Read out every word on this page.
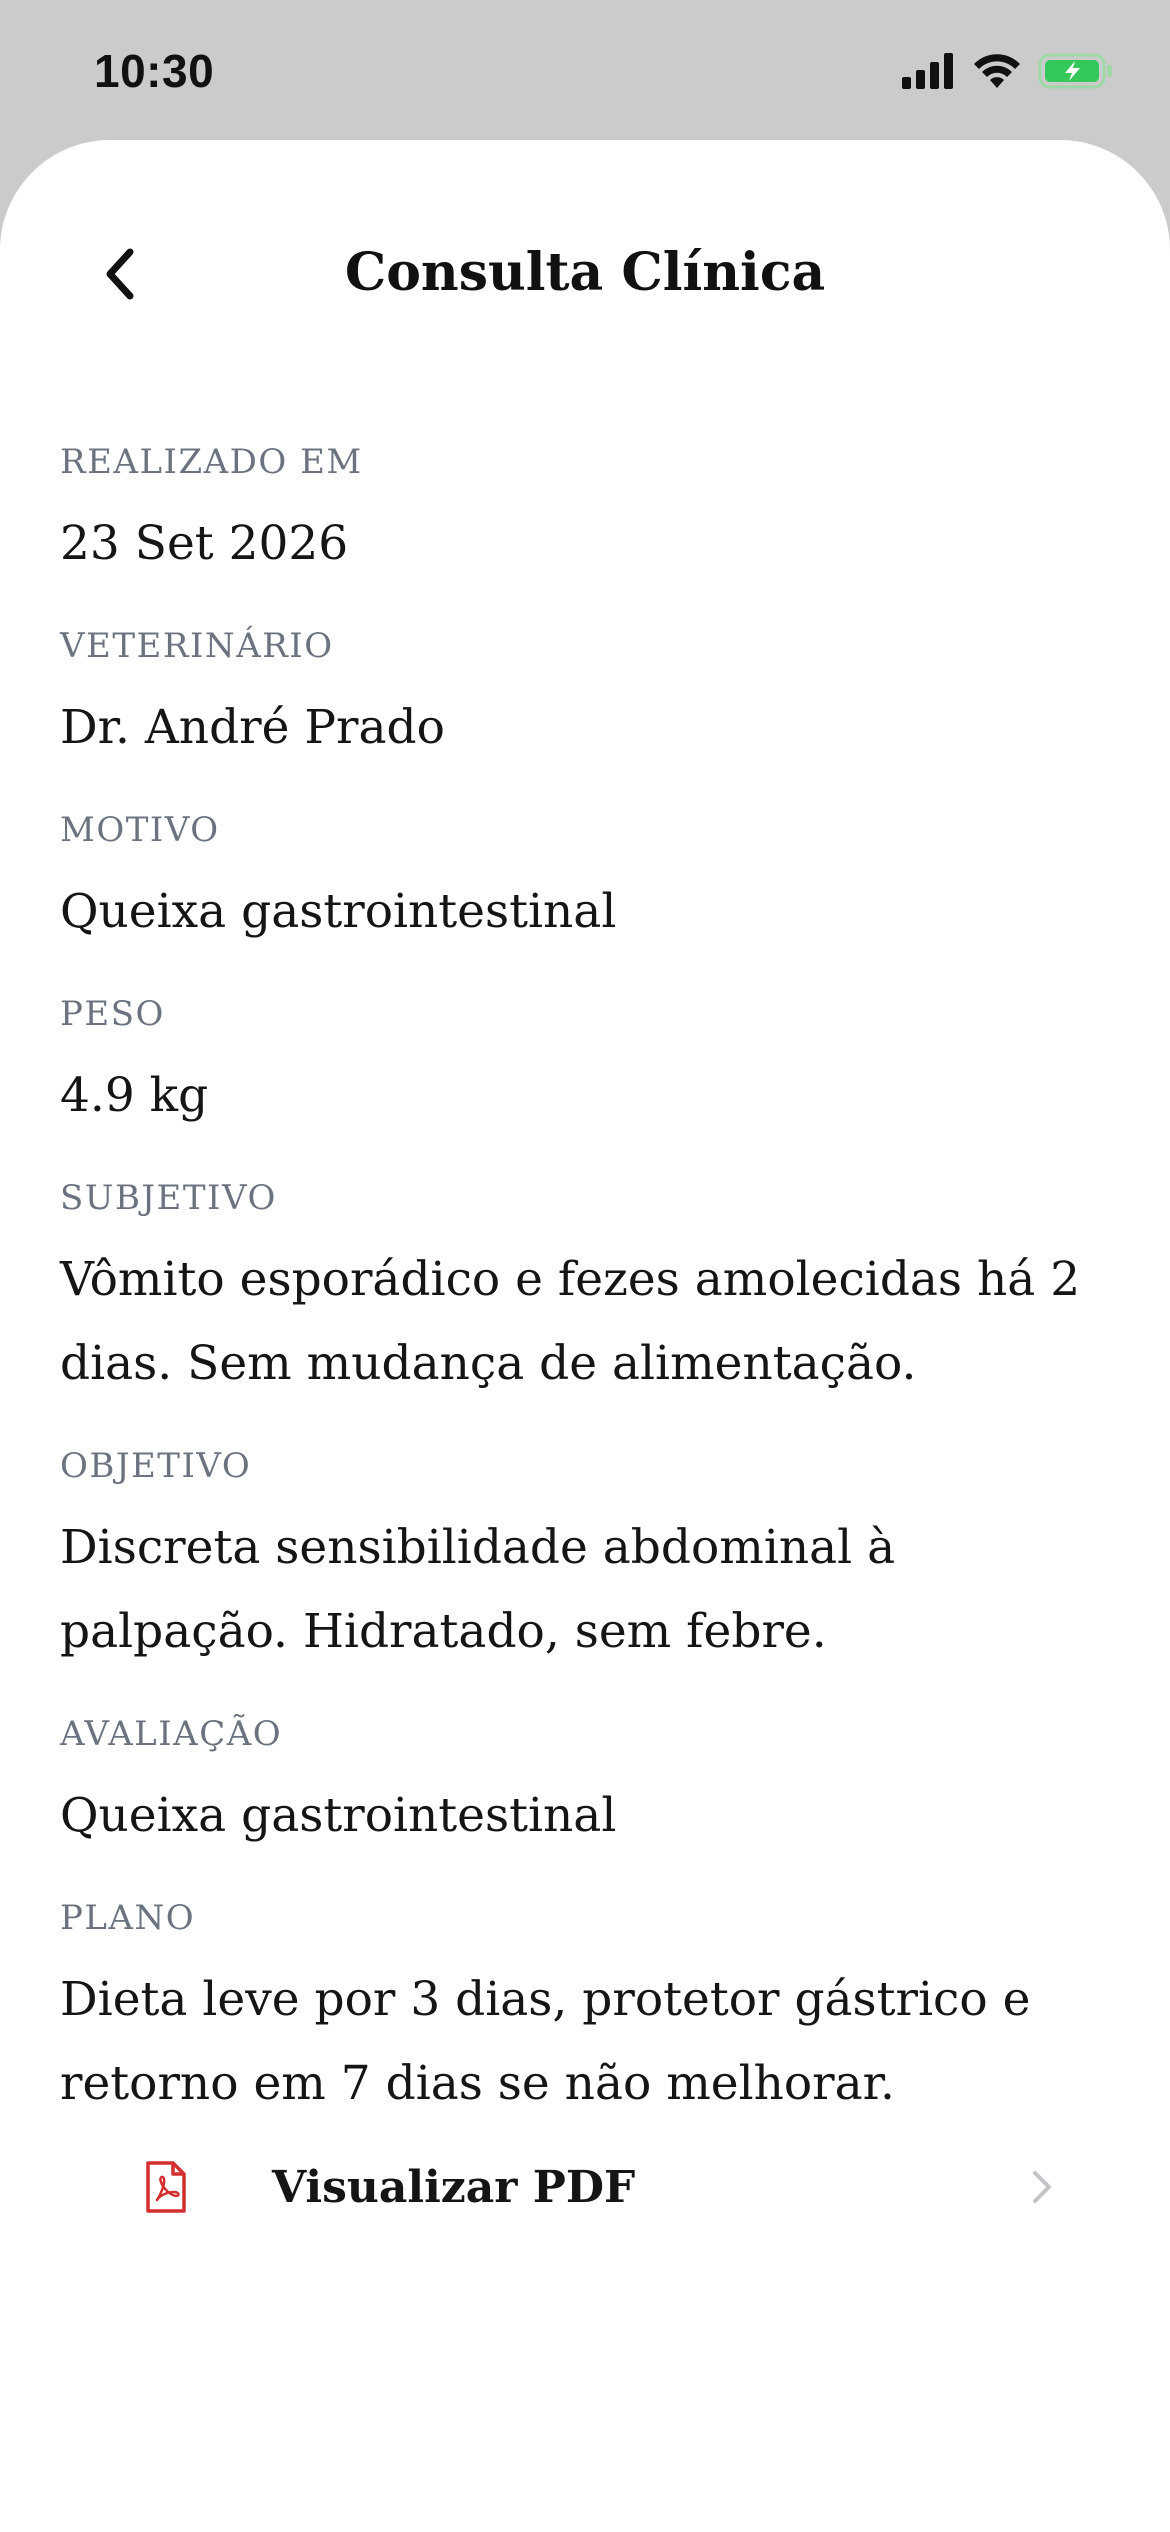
10:30
Consulta Clínica
REALIZADO EM
23 Set 2026
VETERINÁRIO
Dr. André Prado
MOTIVO
Queixa gastrointestinal
PESO
4.9 kg
SUBJETIVO
Vômito esporádico e fezes amolecidas há 2 dias. Sem mudança de alimentação.
OBJETIVO
Discreta sensibilidade abdominal à palpação. Hidratado, sem febre.
AVALIAÇÃO
Queixa gastrointestinal
PLANO
Dieta leve por 3 dias, protetor gástrico e retorno em 7 dias se não melhorar.
Visualizar PDF
